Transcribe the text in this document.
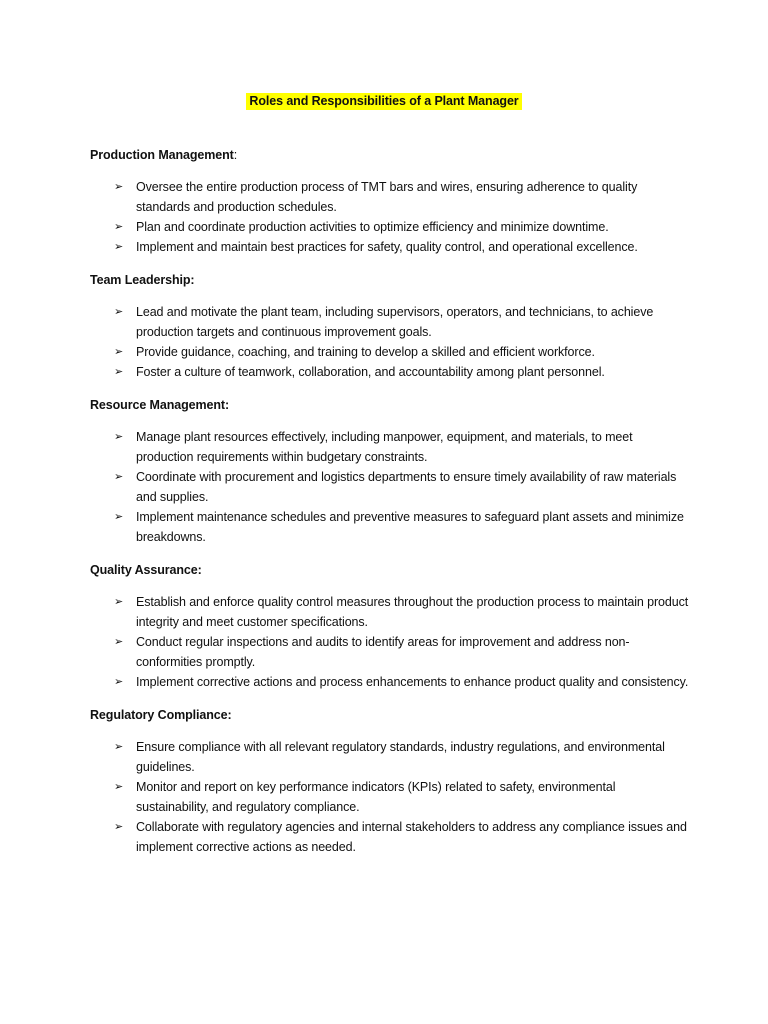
Roles and Responsibilities of a Plant Manager
Production Management:
➢ Oversee the entire production process of TMT bars and wires, ensuring adherence to quality standards and production schedules.
➢ Plan and coordinate production activities to optimize efficiency and minimize downtime.
➢ Implement and maintain best practices for safety, quality control, and operational excellence.
Team Leadership:
➢ Lead and motivate the plant team, including supervisors, operators, and technicians, to achieve production targets and continuous improvement goals.
➢ Provide guidance, coaching, and training to develop a skilled and efficient workforce.
➢ Foster a culture of teamwork, collaboration, and accountability among plant personnel.
Resource Management:
➢ Manage plant resources effectively, including manpower, equipment, and materials, to meet production requirements within budgetary constraints.
➢ Coordinate with procurement and logistics departments to ensure timely availability of raw materials and supplies.
➢ Implement maintenance schedules and preventive measures to safeguard plant assets and minimize breakdowns.
Quality Assurance:
➢ Establish and enforce quality control measures throughout the production process to maintain product integrity and meet customer specifications.
➢ Conduct regular inspections and audits to identify areas for improvement and address non-conformities promptly.
➢ Implement corrective actions and process enhancements to enhance product quality and consistency.
Regulatory Compliance:
➢ Ensure compliance with all relevant regulatory standards, industry regulations, and environmental guidelines.
➢ Monitor and report on key performance indicators (KPIs) related to safety, environmental sustainability, and regulatory compliance.
➢ Collaborate with regulatory agencies and internal stakeholders to address any compliance issues and implement corrective actions as needed.
